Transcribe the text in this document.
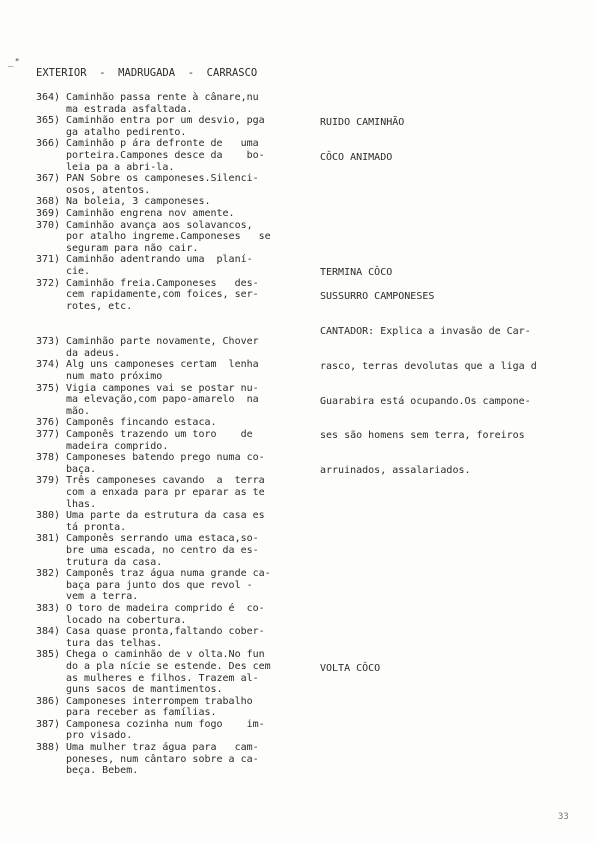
_"
EXTERIOR  -  MADRUGADA  -  CARRASCO
364) Caminhão passa rente à cânare,nu
ma estrada asfaltada.
365) Caminhão entra por um desvio, pga
ga atalho pedirento.
366) Caminhão p ára defronte de   uma
porteira.Campones desce da    bo-
leia pa a abri-la.
367) PAN Sobre os camponeses.Silenci-
osos, atentos.
368) Na boleia, 3 camponeses.
369) Caminhão engrena nov amente.
370) Caminhão avança aos solavancos,
por atalho ingreme.Camponeses   se
seguram para não cair.
371) Caminhão adentrando uma  planí-
cie.
372) Caminhão freia.Camponeses   des-
cem rapidamente,com foices, ser-
rotes, etc.
373) Caminhão parte novamente, Chover
da adeus.
374) Alg uns camponeses certam  lenha
num mato próximo
375) Vigia campones vai se postar nu-
ma elevação,com papo-amarelo  na
mão.
376) Camponês fincando estaca.
377) Camponês trazendo um toro    de
madeira comprido.
378) Camponeses batendo prego numa co-
baça.
379) Três camponeses cavando  a  terra
com a enxada para pr eparar as te
lhas.
380) Uma parte da estrutura da casa es
tá pronta.
381) Camponês serrando uma estaca,so-
bre uma escada, no centro da es-
trutura da casa.
382) Camponês traz água numa grande ca-
baça para junto dos que revol -
vem a terra.
383) O toro de madeira comprido é  co-
locado na cobertura.
384) Casa quase pronta,faltando cober-
tura das telhas.
385) Chega o caminhão de v olta.No fun
do a pla nície se estende. Des cem
as mulheres e filhos. Trazem al-
guns sacos de mantimentos.
386) Camponeses interrompem trabalho
para receber as famílias.
387) Camponesa cozinha num fogo    im-
pro visado.
388) Uma mulher traz água para   cam-
poneses, num cântaro sobre a ca-
beça. Bebem.

RUIDO CAMINHÃO

CÔCO ANIMADO

TERMINA CÔCO

SUSSURRO CAMPONESES

CANTADOR: Explica a invasão de Car-

rasco, terras devolutas que a liga d

Guarabira está ocupando.Os campone-

ses são homens sem terra, foreiros

arruinados, assalariados.

VOLTA CÔCO

33
